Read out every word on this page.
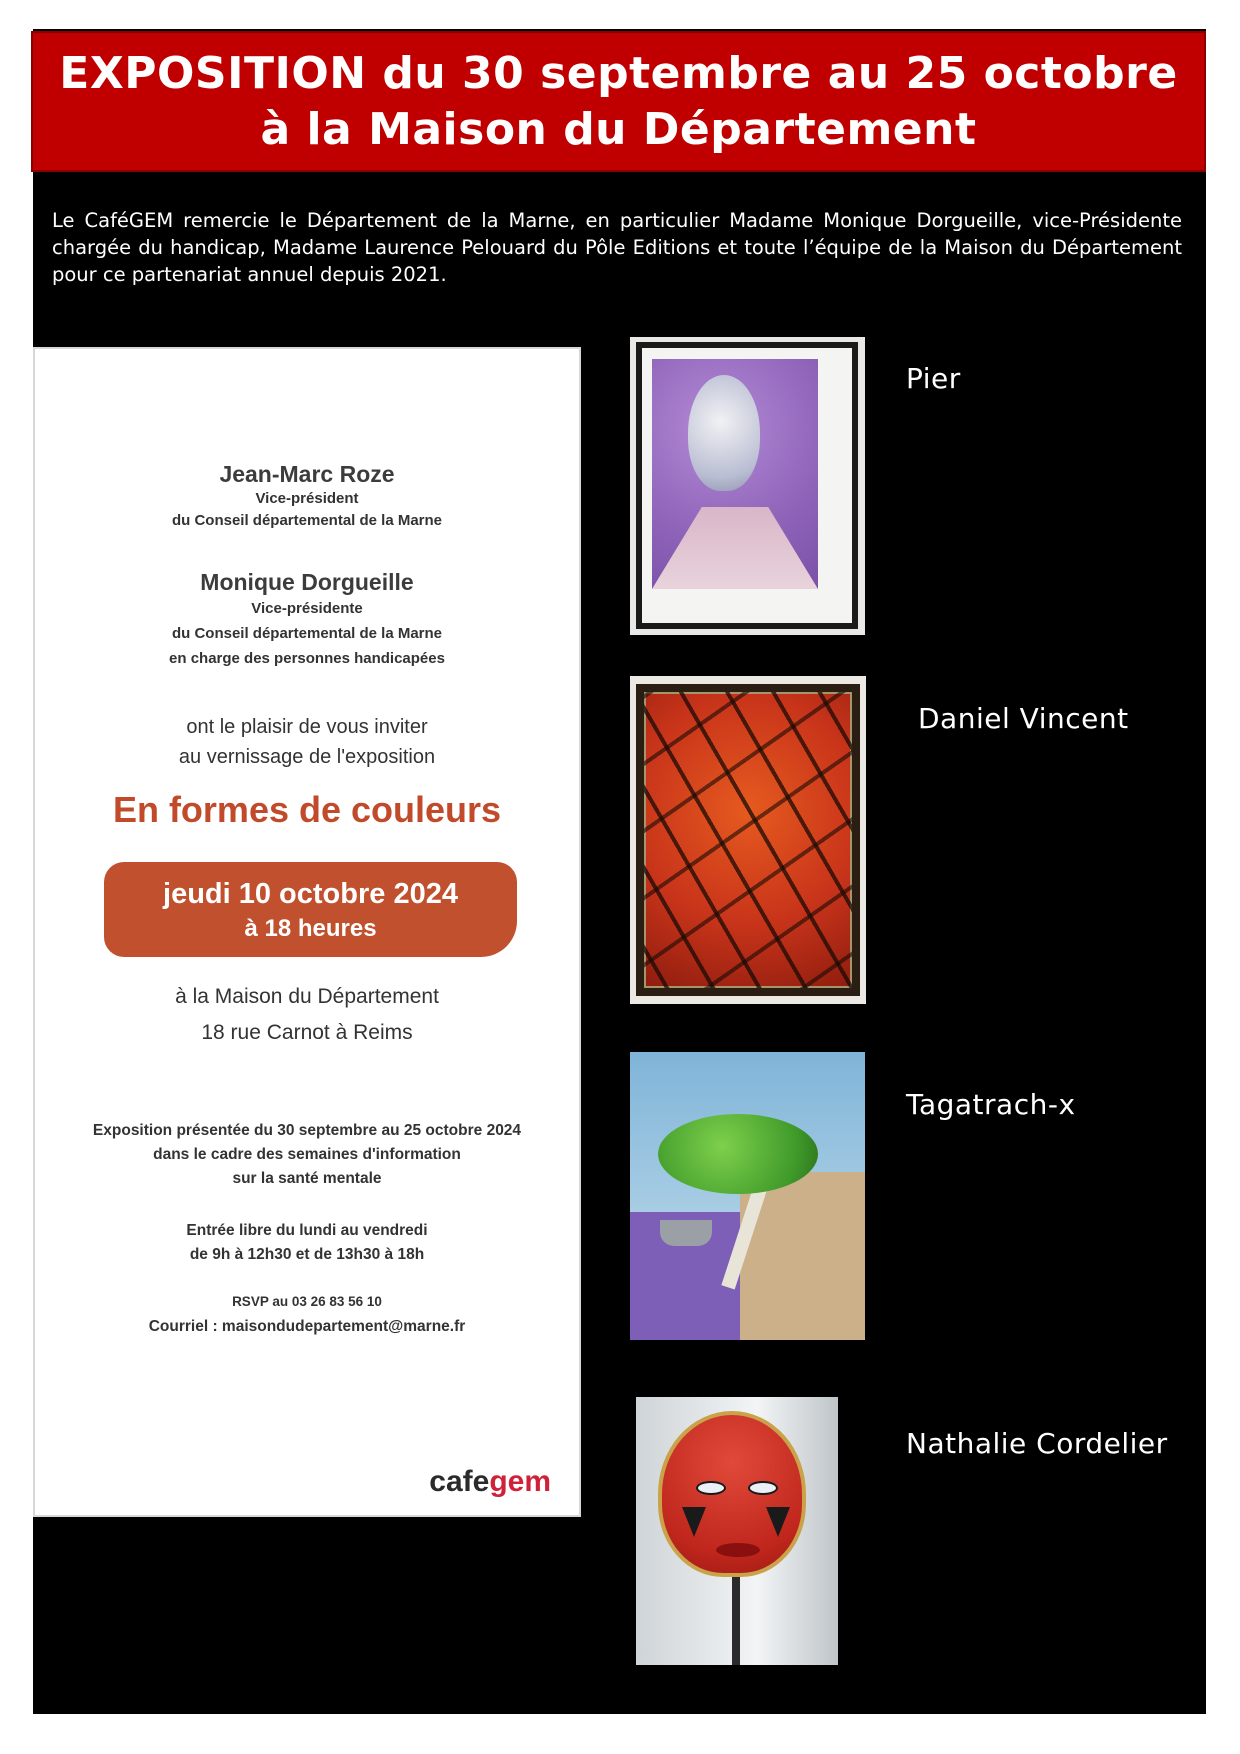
EXPOSITION du 30 septembre au 25 octobre
à la Maison du Département

Le CaféGEM remercie le Département de la Marne, en particulier Madame Monique Dorgueille, vice-Présidente chargée du handicap, Madame Laurence Pelouard du Pôle Editions et toute l’équipe de la Maison du Département pour ce partenariat annuel depuis 2021.

Jean-Marc Roze
Vice-président
du Conseil départemental de la Marne
Monique Dorgueille
Vice-présidente
du Conseil départemental de la Marne
en charge des personnes handicapées
ont le plaisir de vous inviter
au vernissage de l'exposition
En formes de couleurs
jeudi 10 octobre 2024
à 18 heures
à la Maison du Département
18 rue Carnot à Reims
Exposition présentée du 30 septembre au 25 octobre 2024
dans le cadre des semaines d'information
sur la santé mentale
Entrée libre du lundi au vendredi
de 9h à 12h30 et de 13h30 à 18h
RSVP au 03 26 83 56 10
Courriel : maisondudepartement@marne.fr
cafegem
Pier
Daniel Vincent
Tagatrach-x
Nathalie Cordelier
